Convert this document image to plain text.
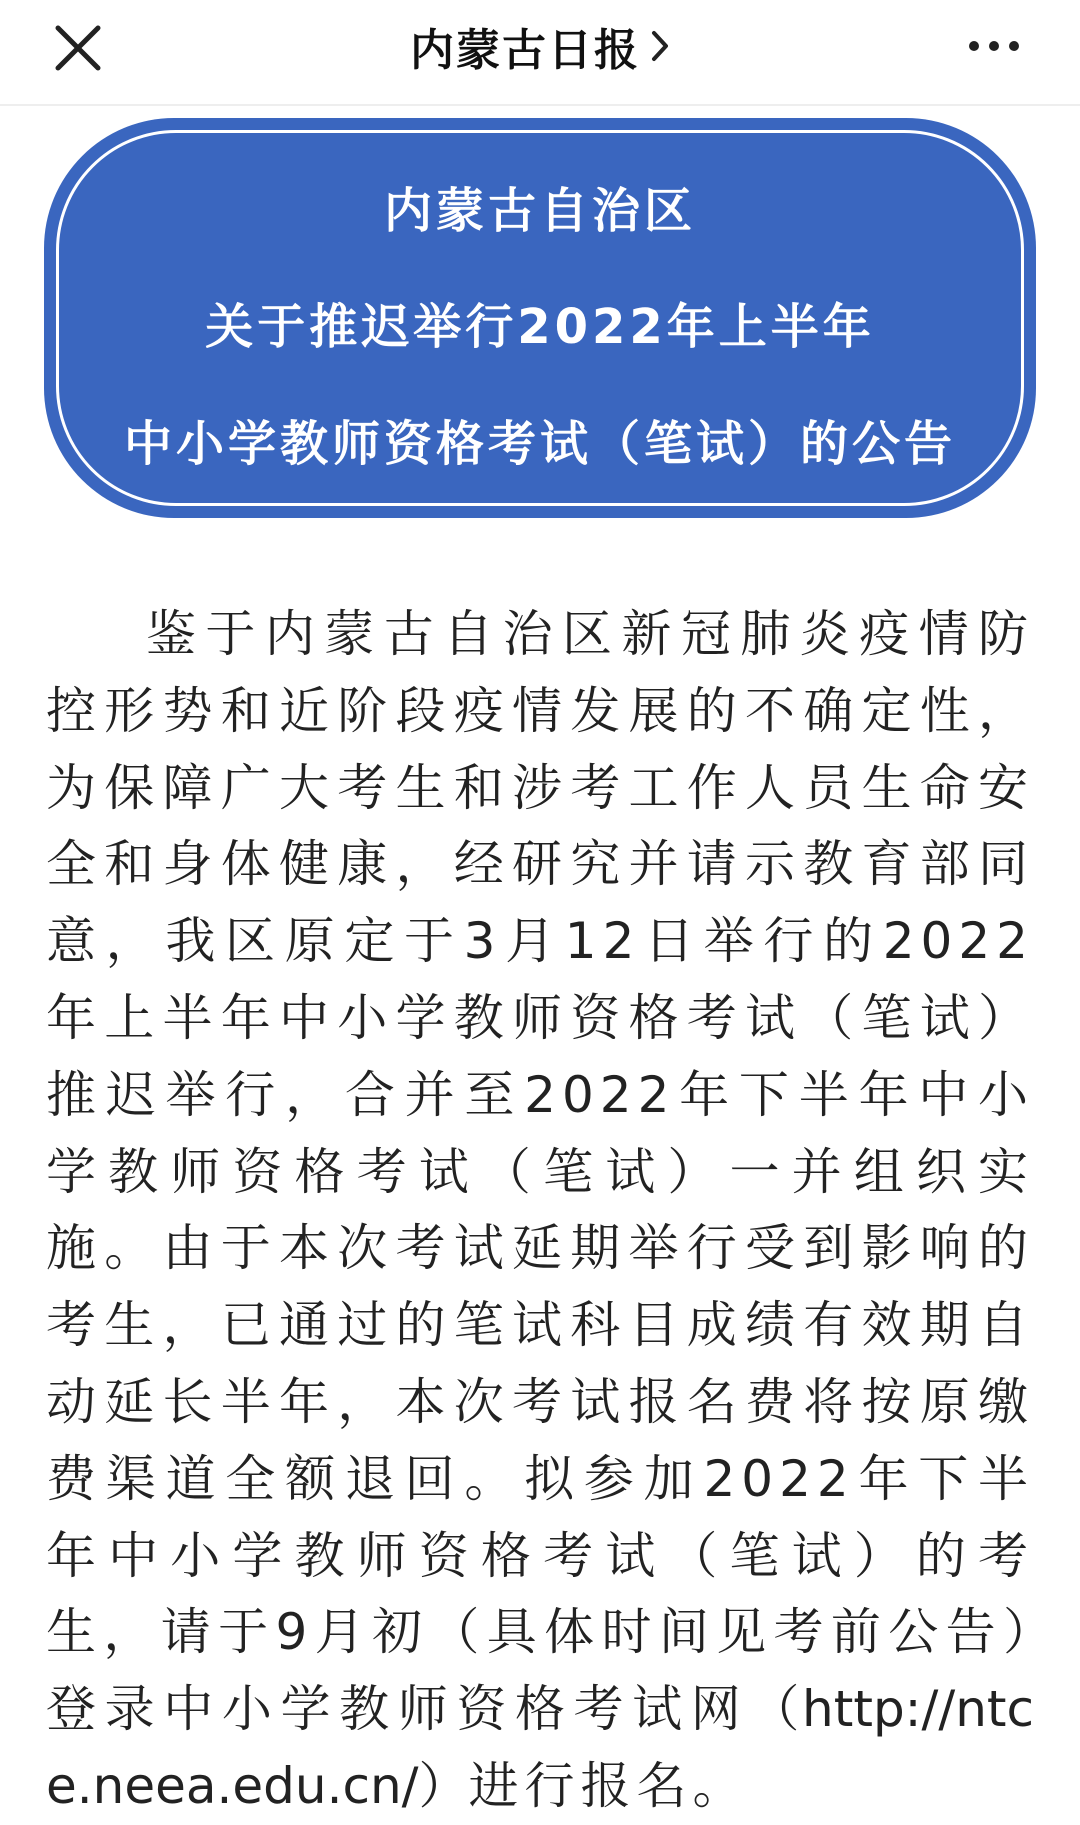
内蒙古日报
内蒙古自治区
关于推迟举行2022年上半年
中小学教师资格考试（笔试）的公告

鉴于内蒙古自治区新冠肺炎疫情防控形势和近阶段疫情发展的不确定性，为保障广大考生和涉考工作人员生命安全和身体健康，经研究并请示教育部同意，我区原定于3月12日举行的2022年上半年中小学教师资格考试（笔试）推迟举行，合并至2022年下半年中小学教师资格考试（笔试）一并组织实施。由于本次考试延期举行受到影响的考生，已通过的笔试科目成绩有效期自动延长半年，本次考试报名费将按原缴费渠道全额退回。拟参加2022年下半年中小学教师资格考试（笔试）的考生，请于9月初（具体时间见考前公告）登录中小学教师资格考试网（http://ntce.neea.edu.cn/）进行报名。
